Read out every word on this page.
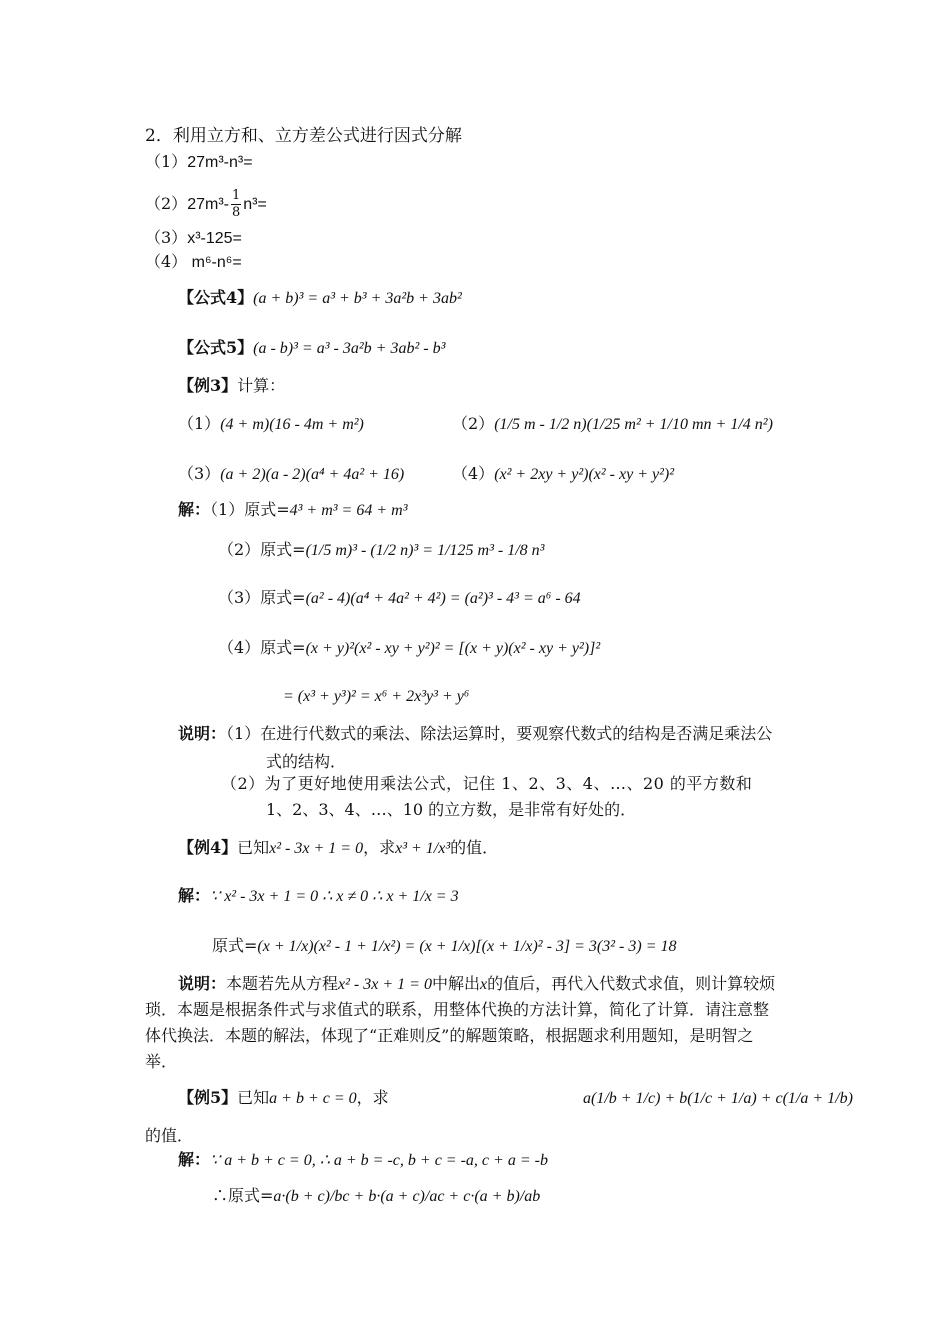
2．利用立方和、立方差公式进行因式分解
（1）27m³-n³=
$(2)27m^3- \frac{1}{8} n^3=$
（3）x³-125=
（4） m⁶-n⁶=
【公式4】(a + b)³ = a³ + b³ + 3a²b + 3ab²
【公式5】(a - b)³ = a³ - 3a²b + 3ab² - b³
【例3】计算：
（1）(4 + m)(16 - 4m + m²)	（2）(1/5 m - 1/2 n)(1/25 m² + 1/10 mn + 1/4 n²)
（3）(a + 2)(a - 2)(a⁴ + 4a² + 16)	（4）(x² + 2xy + y²)(x² - xy + y²)²
解：（1）原式=4³ + m³ = 64 + m³
（2）原式=(1/5 m)³ - (1/2 n)³ = 1/125 m³ - 1/8 n³
（3）原式=(a² - 4)(a⁴ + 4a² + 4²) = (a²)³ - 4³ = a⁶ - 64
（4）原式=(x + y)²(x² - xy + y²)² = [(x + y)(x² - xy + y²)]²
= (x³ + y³)² = x⁶ + 2x³y³ + y⁶
说明：（1）在进行代数式的乘法、除法运算时，要观察代数式的结构是否满足乘法公
式的结构．
（2）为了更好地使用乘法公式，记住 1、2、3、4、…、20 的平方数和
1、2、3、4、…、10 的立方数，是非常有好处的．
【例4】已知x² - 3x + 1 = 0，求x³ + 1/x³的值．
解：∵ x² - 3x + 1 = 0 ∴ x ≠ 0 ∴ x + 1/x = 3
原式=(x + 1/x)(x² - 1 + 1/x²) = (x + 1/x)[(x + 1/x)² - 3] = 3(3² - 3) = 18
说明：本题若先从方程x² - 3x + 1 = 0中解出x的值后，再代入代数式求值，则计算较烦
琐．本题是根据条件式与求值式的联系，用整体代换的方法计算，简化了计算．请注意整
体代换法．本题的解法，体现了“正难则反”的解题策略，根据题求利用题知，是明智之
举．
【例5】已知a + b + c = 0，求	a(1/b + 1/c) + b(1/c + 1/a) + c(1/a + 1/b)
的值．
解：∵ a + b + c = 0, ∴ a + b = -c, b + c = -a, c + a = -b
∴原式=a·(b + c)/bc + b·(a + c)/ac + c·(a + b)/ab
